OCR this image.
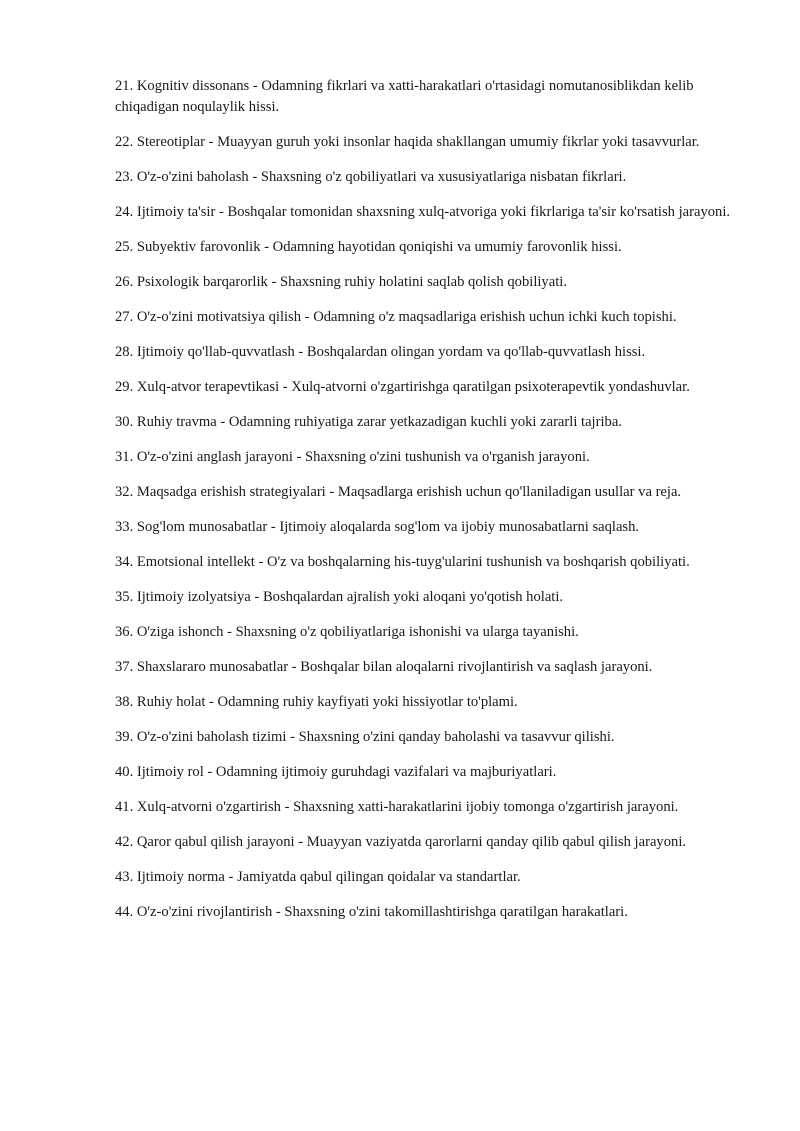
21. Kognitiv dissonans - Odamning fikrlari va xatti-harakatlari o'rtasidagi nomutanosiblikdan kelib chiqadigan noqulaylik hissi.

22. Stereotiplar - Muayyan guruh yoki insonlar haqida shakllangan umumiy fikrlar yoki tasavvurlar.

23. O'z-o'zini baholash - Shaxsning o'z qobiliyatlari va xususiyatlariga nisbatan fikrlari.

24. Ijtimoiy ta'sir - Boshqalar tomonidan shaxsning xulq-atvoriga yoki fikrlariga ta'sir ko'rsatish jarayoni.

25. Subyektiv farovonlik - Odamning hayotidan qoniqishi va umumiy farovonlik hissi.

26. Psixologik barqarorlik - Shaxsning ruhiy holatini saqlab qolish qobiliyati.

27. O'z-o'zini motivatsiya qilish - Odamning o'z maqsadlariga erishish uchun ichki kuch topishi.

28. Ijtimoiy qo'llab-quvvatlash - Boshqalardan olingan yordam va qo'llab-quvvatlash hissi.

29. Xulq-atvor terapevtikasi - Xulq-atvorni o'zgartirishga qaratilgan psixoterapevtik yondashuvlar.

30. Ruhiy travma - Odamning ruhiyatiga zarar yetkazadigan kuchli yoki zararli tajriba.

31. O'z-o'zini anglash jarayoni - Shaxsning o'zini tushunish va o'rganish jarayoni.

32. Maqsadga erishish strategiyalari - Maqsadlarga erishish uchun qo'llaniladigan usullar va reja.

33. Sog'lom munosabatlar - Ijtimoiy aloqalarda sog'lom va ijobiy munosabatlarni saqlash.

34. Emotsional intellekt - O'z va boshqalarning his-tuyg'ularini tushunish va boshqarish qobiliyati.

35. Ijtimoiy izolyatsiya - Boshqalardan ajralish yoki aloqani yo'qotish holati.

36. O'ziga ishonch - Shaxsning o'z qobiliyatlariga ishonishi va ularga tayanishi.

37. Shaxslararo munosabatlar - Boshqalar bilan aloqalarni rivojlantirish va saqlash jarayoni.

38. Ruhiy holat - Odamning ruhiy kayfiyati yoki hissiyotlar to'plami.

39. O'z-o'zini baholash tizimi - Shaxsning o'zini qanday baholashi va tasavvur qilishi.

40. Ijtimoiy rol - Odamning ijtimoiy guruhdagi vazifalari va majburiyatlari.

41. Xulq-atvorni o'zgartirish - Shaxsning xatti-harakatlarini ijobiy tomonga o'zgartirish jarayoni.

42. Qaror qabul qilish jarayoni - Muayyan vaziyatda qarorlarni qanday qilib qabul qilish jarayoni.

43. Ijtimoiy norma - Jamiyatda qabul qilingan qoidalar va standartlar.

44. O'z-o'zini rivojlantirish - Shaxsning o'zini takomillashtirishga qaratilgan harakatlari.
